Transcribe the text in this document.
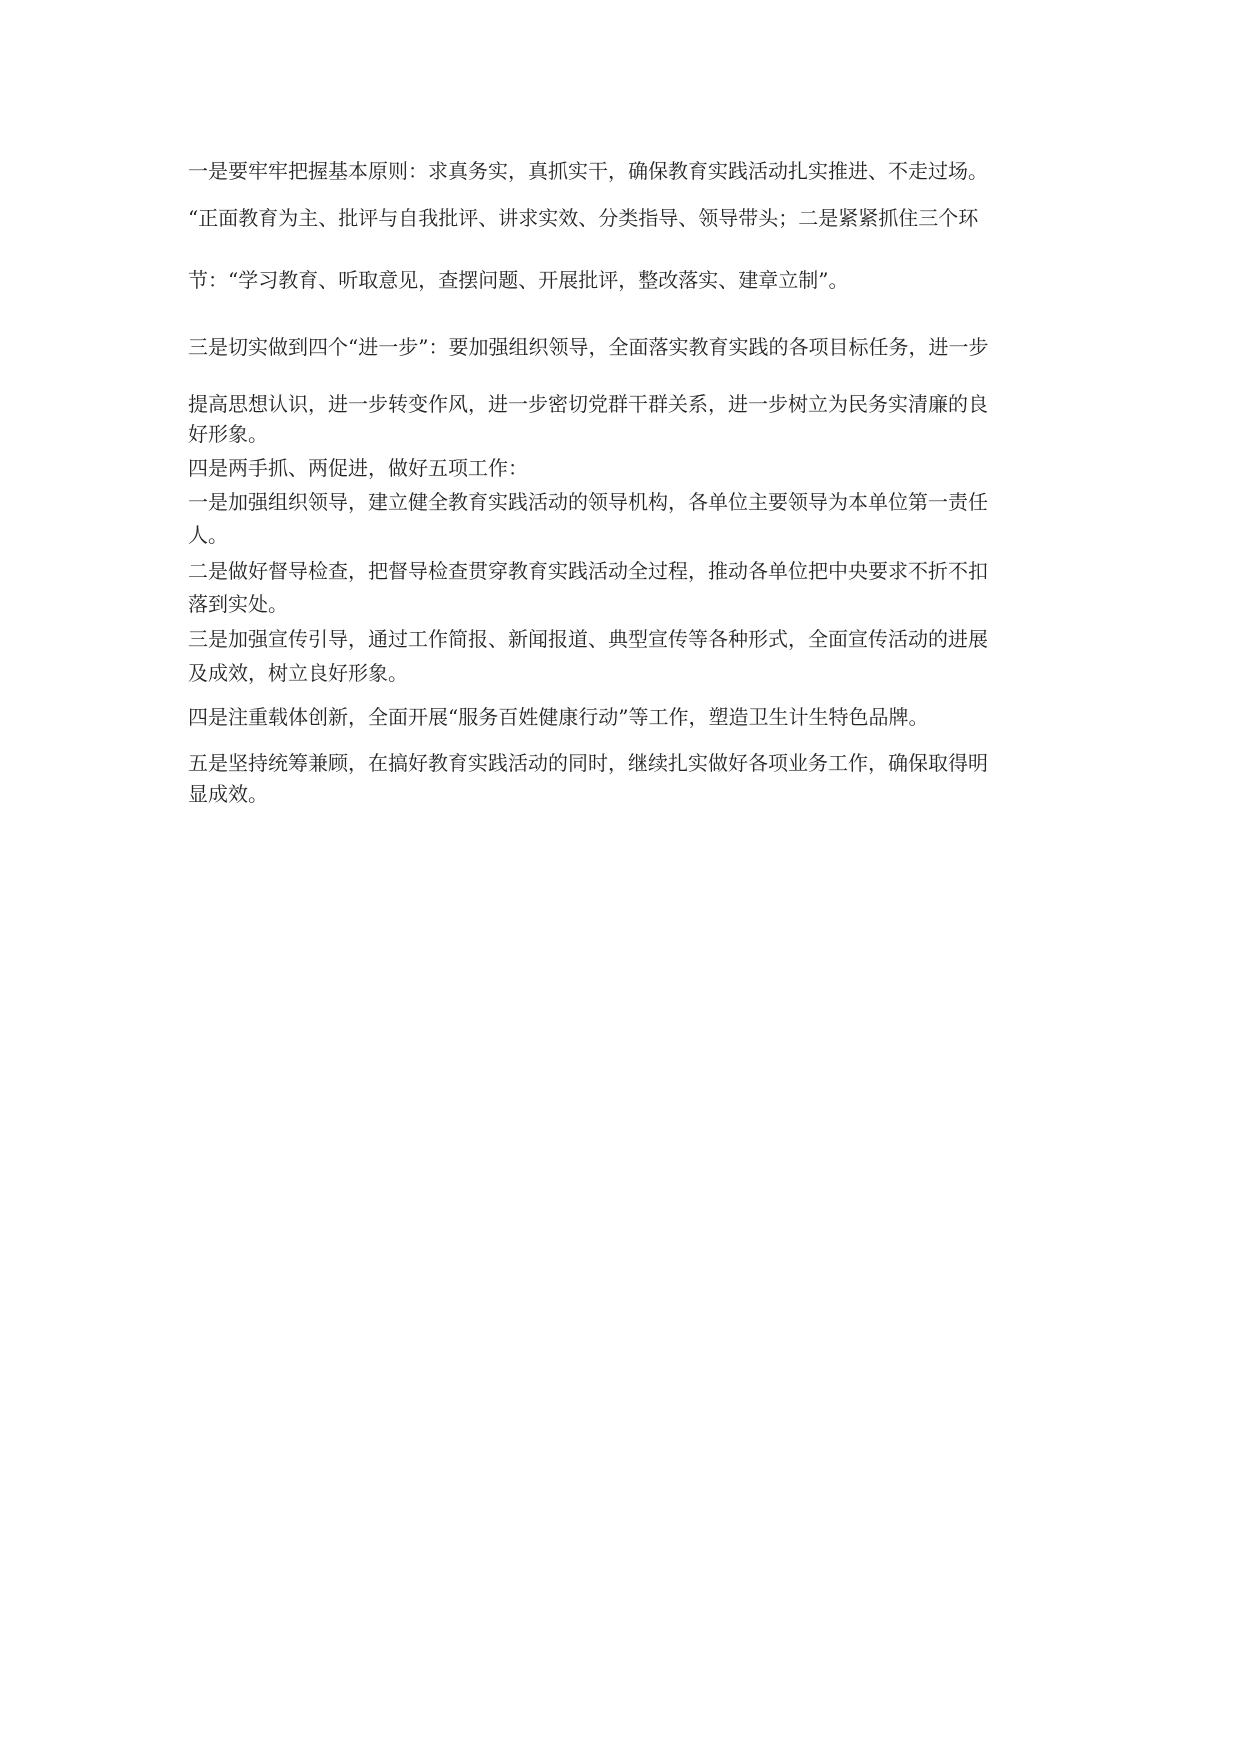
一是要牢牢把握基本原则：求真务实，真抓实干，确保教育实践活动扎实推进、不走过场。
“正面教育为主、批评与自我批评、讲求实效、分类指导、领导带头；二是紧紧抓住三个环
节：“学习教育、听取意见，查摆问题、开展批评，整改落实、建章立制”。
三是切实做到四个“进一步”：要加强组织领导，全面落实教育实践的各项目标任务，进一步
提高思想认识，进一步转变作风，进一步密切党群干群关系，进一步树立为民务实清廉的良
好形象。
四是两手抓、两促进，做好五项工作：
一是加强组织领导，建立健全教育实践活动的领导机构，各单位主要领导为本单位第一责任
人。
二是做好督导检查，把督导检查贯穿教育实践活动全过程，推动各单位把中央要求不折不扣
落到实处。
三是加强宣传引导，通过工作简报、新闻报道、典型宣传等各种形式，全面宣传活动的进展
及成效，树立良好形象。
四是注重载体创新，全面开展“服务百姓健康行动”等工作，塑造卫生计生特色品牌。
五是坚持统筹兼顾，在搞好教育实践活动的同时，继续扎实做好各项业务工作，确保取得明
显成效。
